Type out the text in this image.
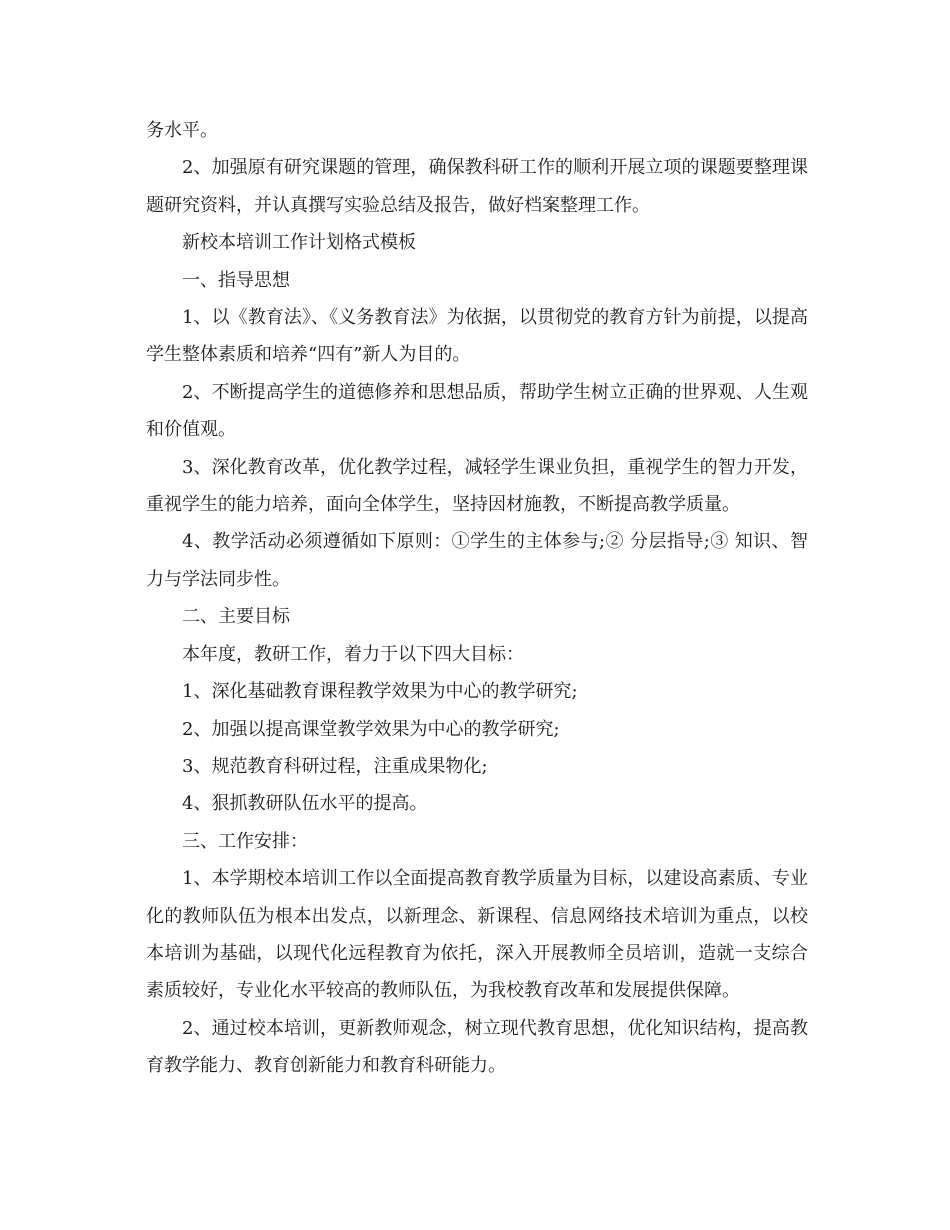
务水平。

2、加强原有研究课题的管理，确保教科研工作的顺利开展立项的课题要整理课题研究资料，并认真撰写实验总结及报告，做好档案整理工作。

新校本培训工作计划格式模板

一、指导思想

1、以《教育法》、《义务教育法》为依据，以贯彻党的教育方针为前提，以提高学生整体素质和培养“四有”新人为目的。

2、不断提高学生的道德修养和思想品质，帮助学生树立正确的世界观、人生观和价值观。

3、深化教育改革，优化教学过程，减轻学生课业负担，重视学生的智力开发，重视学生的能力培养，面向全体学生，坚持因材施教，不断提高教学质量。

4、教学活动必须遵循如下原则：①学生的主体参与;② 分层指导;③ 知识、智力与学法同步性。

二、主要目标

本年度，教研工作，着力于以下四大目标：

1、深化基础教育课程教学效果为中心的教学研究;

2、加强以提高课堂教学效果为中心的教学研究;

3、规范教育科研过程，注重成果物化;

4、狠抓教研队伍水平的提高。

三、工作安排：

1、本学期校本培训工作以全面提高教育教学质量为目标，以建设高素质、专业化的教师队伍为根本出发点，以新理念、新课程、信息网络技术培训为重点，以校本培训为基础，以现代化远程教育为依托，深入开展教师全员培训，造就一支综合素质较好，专业化水平较高的教师队伍，为我校教育改革和发展提供保障。

2、通过校本培训，更新教师观念，树立现代教育思想，优化知识结构，提高教育教学能力、教育创新能力和教育科研能力。
